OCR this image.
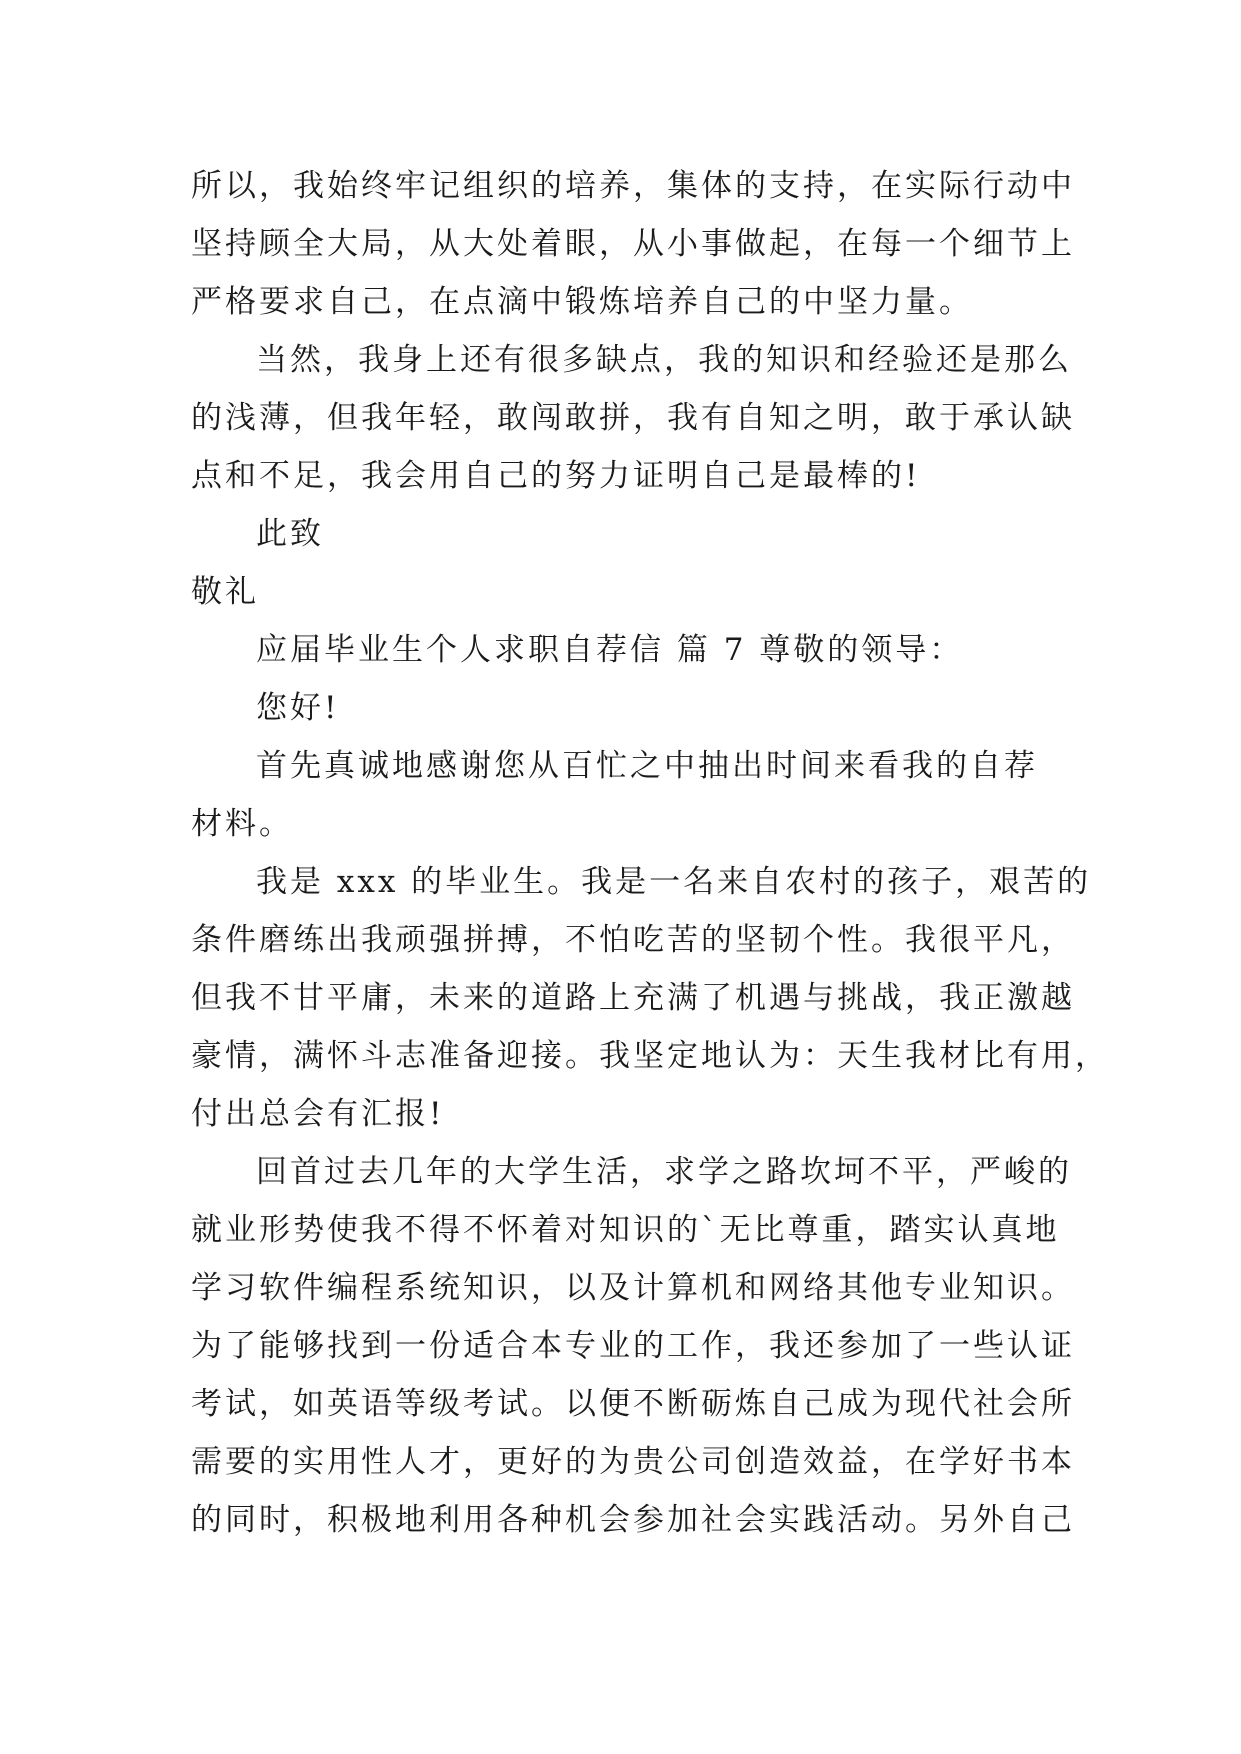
所以，我始终牢记组织的培养，集体的支持，在实际行动中
坚持顾全大局，从大处着眼，从小事做起，在每一个细节上
严格要求自己，在点滴中锻炼培养自己的中坚力量。
当然，我身上还有很多缺点，我的知识和经验还是那么
的浅薄，但我年轻，敢闯敢拼，我有自知之明，敢于承认缺
点和不足，我会用自己的努力证明自己是最棒的!
此致
敬礼
应届毕业生个人求职自荐信 篇 7 尊敬的领导：
您好!
首先真诚地感谢您从百忙之中抽出时间来看我的自荐
材料。
我是 xxx 的毕业生。我是一名来自农村的孩子，艰苦的
条件磨练出我顽强拼搏，不怕吃苦的坚韧个性。我很平凡，
但我不甘平庸，未来的道路上充满了机遇与挑战，我正激越
豪情，满怀斗志准备迎接。我坚定地认为：天生我材比有用，
付出总会有汇报!
回首过去几年的大学生活，求学之路坎坷不平，严峻的
就业形势使我不得不怀着对知识的`无比尊重，踏实认真地
学习软件编程系统知识，以及计算机和网络其他专业知识。
为了能够找到一份适合本专业的工作，我还参加了一些认证
考试，如英语等级考试。以便不断砺炼自己成为现代社会所
需要的实用性人才，更好的为贵公司创造效益，在学好书本
的同时，积极地利用各种机会参加社会实践活动。另外自己
